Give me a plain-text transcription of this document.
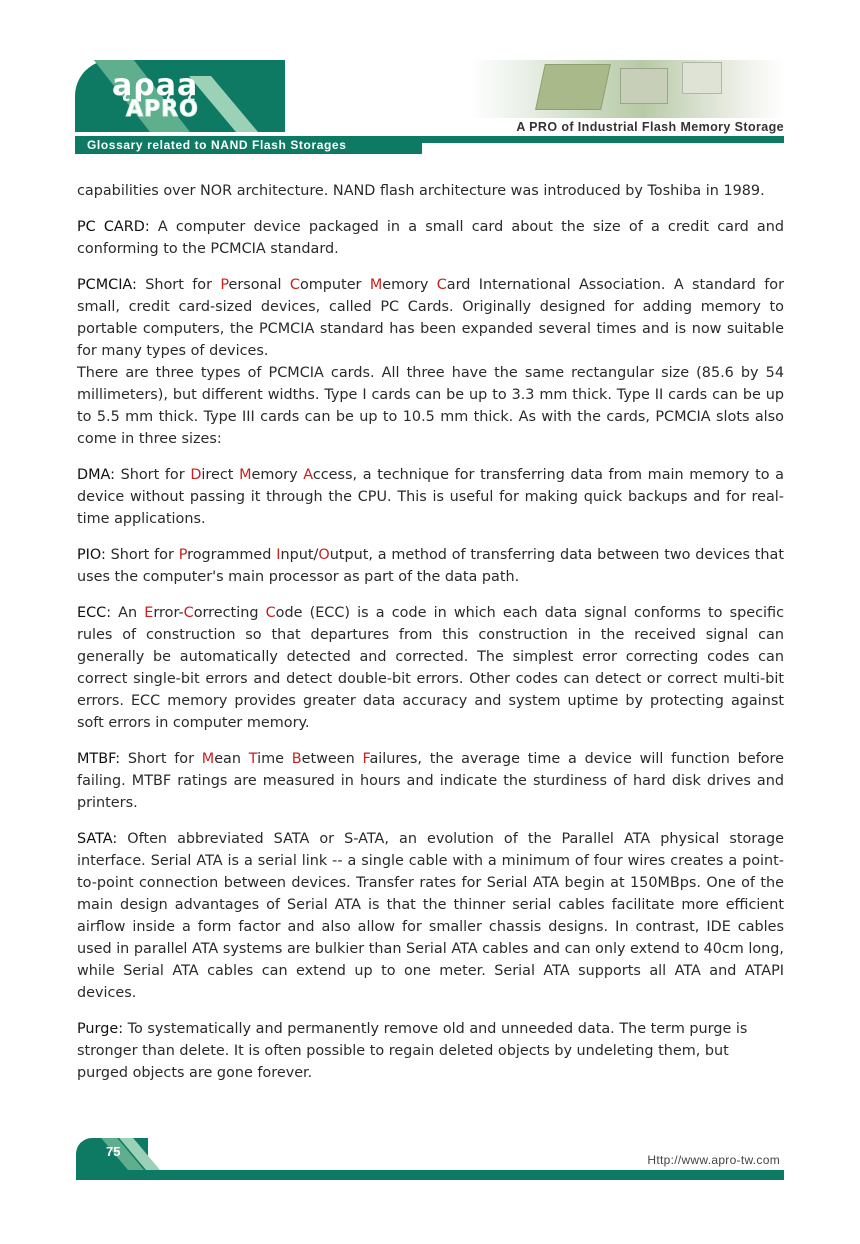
ąρąą
APRO

A PRO of Industrial Flash Memory Storage

Glossary related to NAND Flash Storages

capabilities over NOR architecture. NAND flash architecture was introduced by Toshiba in 1989.

PC CARD: A computer device packaged in a small card about the size of a credit card and conforming to the PCMCIA standard.

PCMCIA: Short for Personal Computer Memory Card International Association. A standard for small, credit card-sized devices, called PC Cards. Originally designed for adding memory to portable computers, the PCMCIA standard has been expanded several times and is now suitable for many types of devices.

There are three types of PCMCIA cards. All three have the same rectangular size (85.6 by 54 millimeters), but different widths. Type I cards can be up to 3.3 mm thick. Type II cards can be up to 5.5 mm thick. Type III cards can be up to 10.5 mm thick. As with the cards, PCMCIA slots also come in three sizes:

DMA: Short for Direct Memory Access, a technique for transferring data from main memory to a device without passing it through the CPU. This is useful for making quick backups and for real-time applications.

PIO: Short for Programmed Input/Output, a method of transferring data between two devices that uses the computer's main processor as part of the data path.

ECC: An Error-Correcting Code (ECC) is a code in which each data signal conforms to specific rules of construction so that departures from this construction in the received signal can generally be automatically detected and corrected. The simplest error correcting codes can correct single-bit errors and detect double-bit errors. Other codes can detect or correct multi-bit errors. ECC memory provides greater data accuracy and system uptime by protecting against soft errors in computer memory.

MTBF: Short for Mean Time Between Failures, the average time a device will function before failing. MTBF ratings are measured in hours and indicate the sturdiness of hard disk drives and printers.

SATA: Often abbreviated SATA or S-ATA, an evolution of the Parallel ATA physical storage interface. Serial ATA is a serial link -- a single cable with a minimum of four wires creates a point-to-point connection between devices. Transfer rates for Serial ATA begin at 150MBps. One of the main design advantages of Serial ATA is that the thinner serial cables facilitate more efficient airflow inside a form factor and also allow for smaller chassis designs. In contrast, IDE cables used in parallel ATA systems are bulkier than Serial ATA cables and can only extend to 40cm long, while Serial ATA cables can extend up to one meter. Serial ATA supports all ATA and ATAPI devices.

Purge: To systematically and permanently remove old and unneeded data. The term purge is stronger than delete. It is often possible to regain deleted objects by undeleting them, but purged objects are gone forever.

75

Http://www.apro-tw.com
